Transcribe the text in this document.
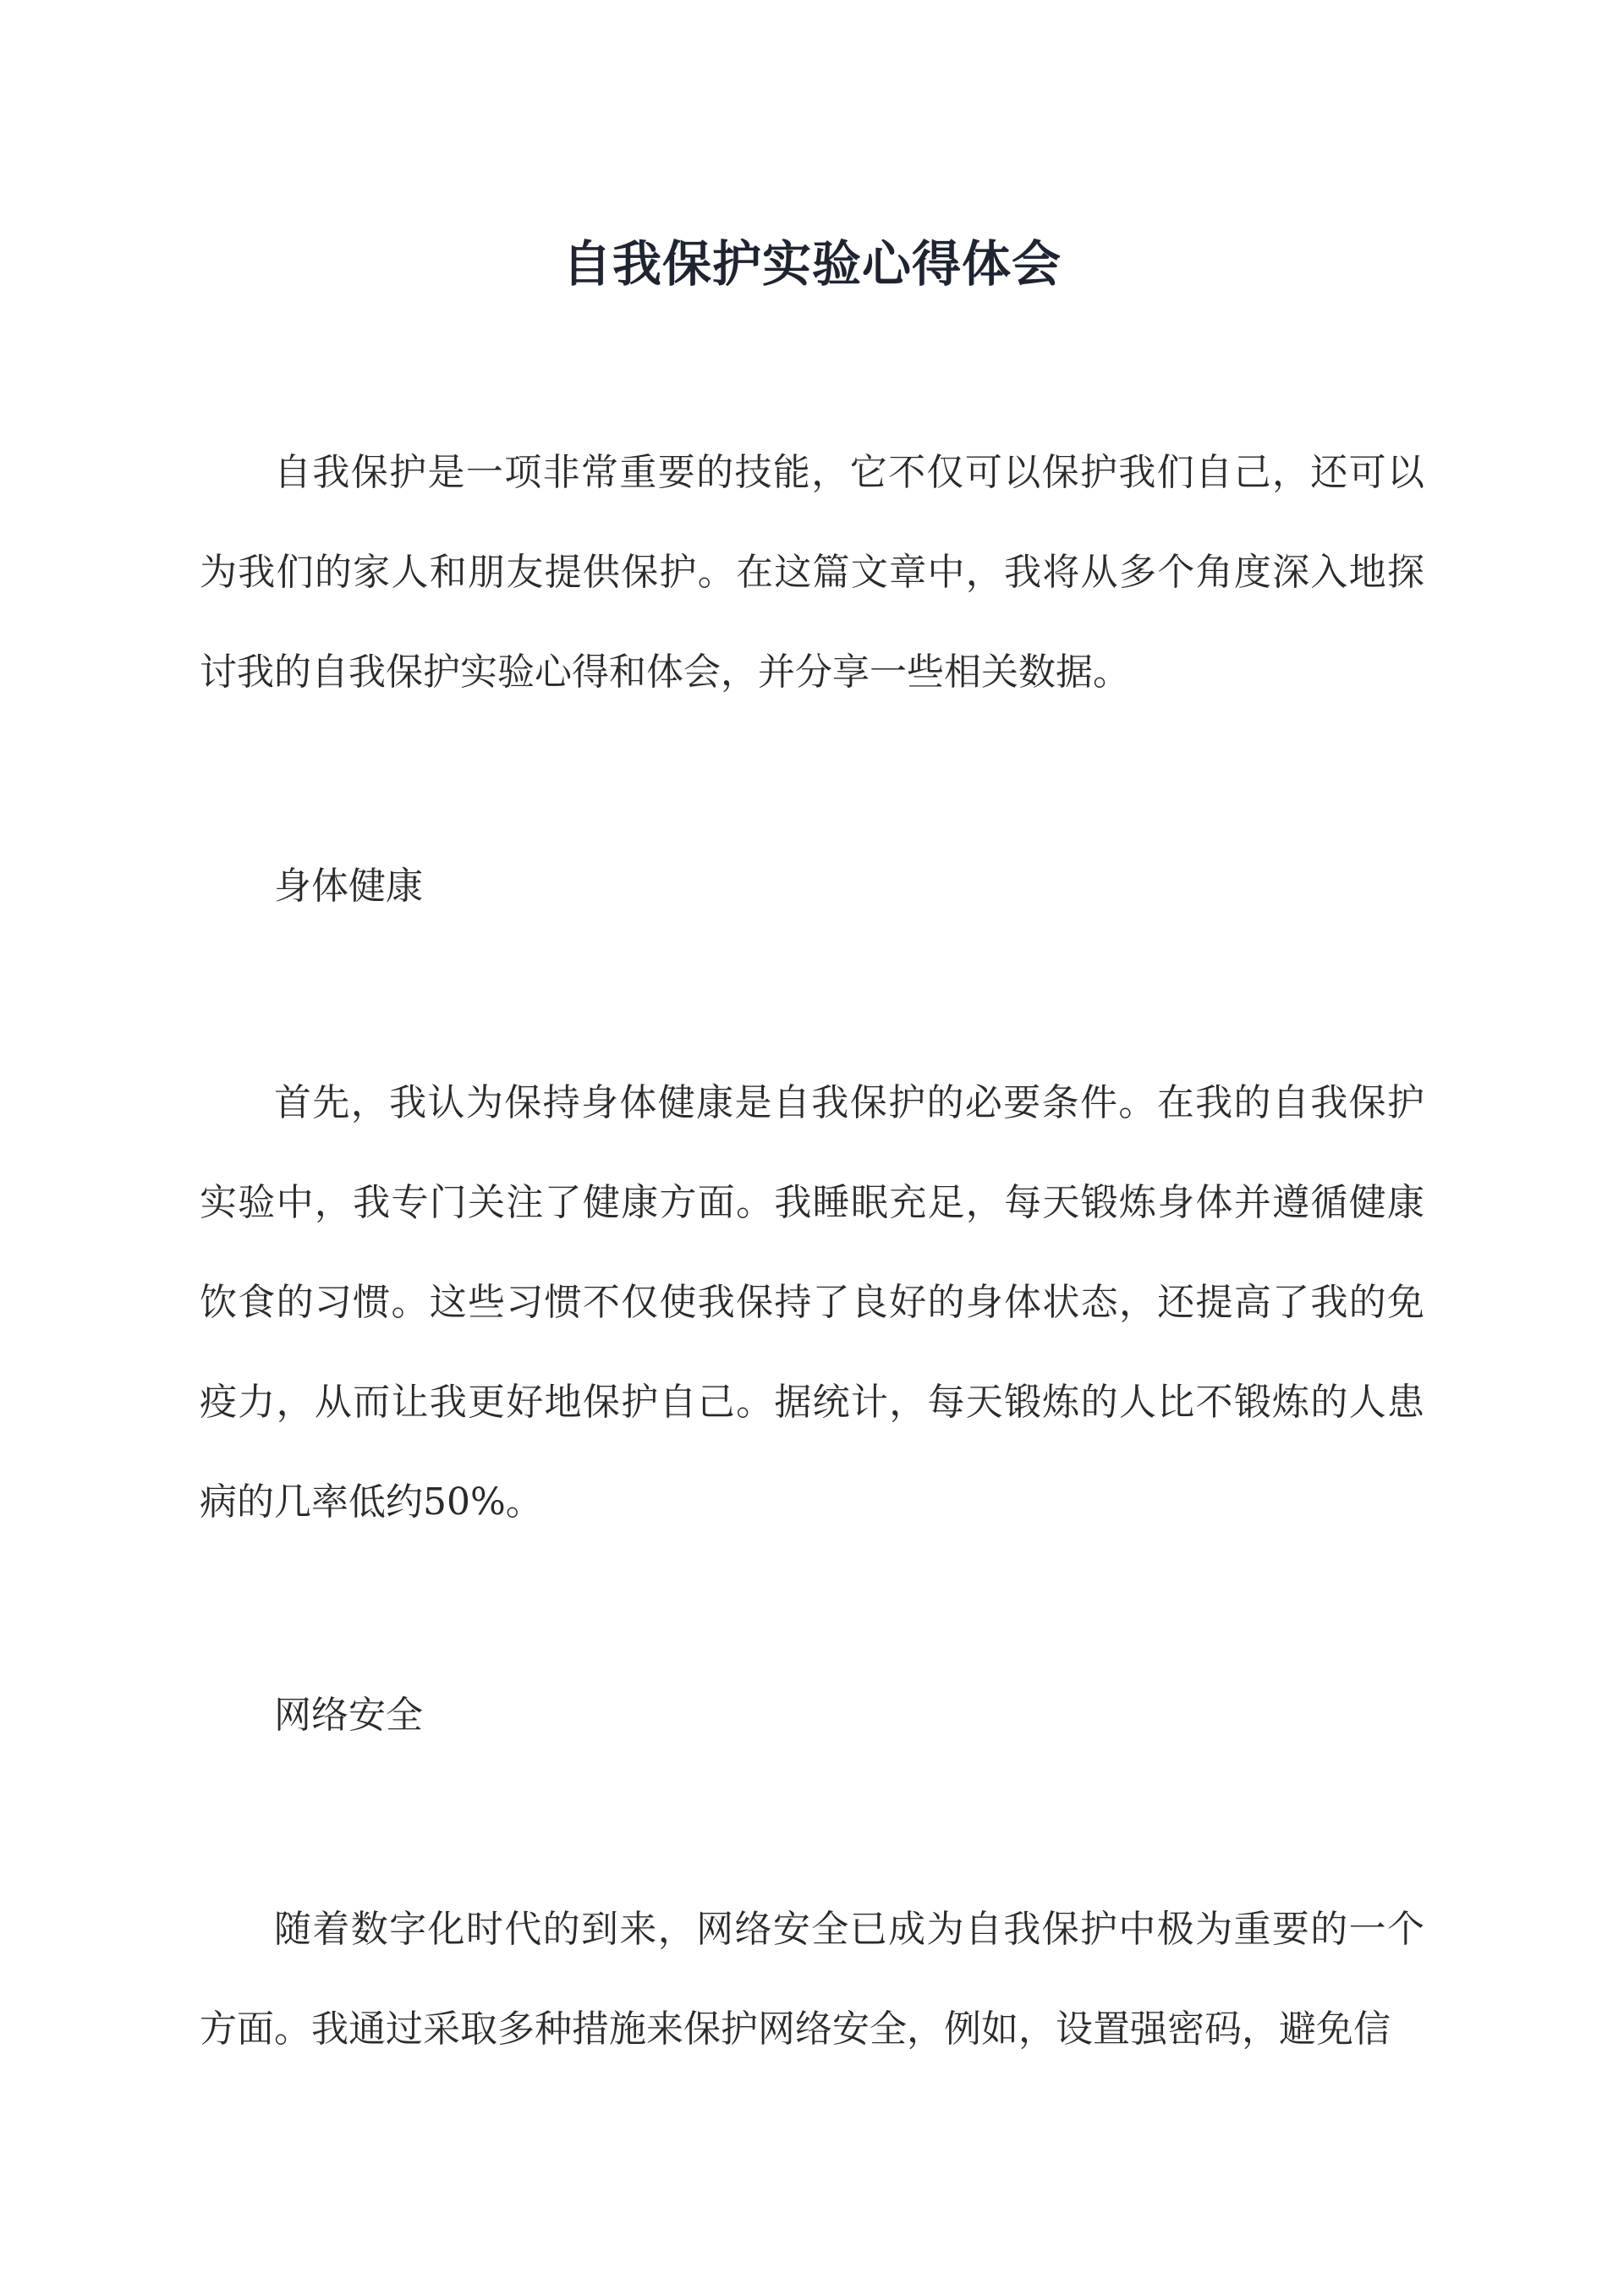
自我保护实验心得体会

自我保护是一项非常重要的技能，它不仅可以保护我们自己，还可以为我们的家人和朋友提供保护。在这篇文章中，我将从多个角度深入地探讨我的自我保护实验心得和体会，并分享一些相关数据。

身体健康

首先，我认为保持身体健康是自我保护的必要条件。在我的自我保护实验中，我专门关注了健康方面。我睡眠充足，每天锻炼身体并遵循健康饮食的习惯。这些习惯不仅使我保持了良好的身体状态，还提高了我的免疫力，从而让我更好地保护自己。据统计，每天锻炼的人比不锻炼的人患病的几率低约50%。

网络安全

随着数字化时代的到来，网络安全已成为自我保护中极为重要的一个方面。我通过采取多种措施来保护网络安全，例如，设置强密码，避免信
